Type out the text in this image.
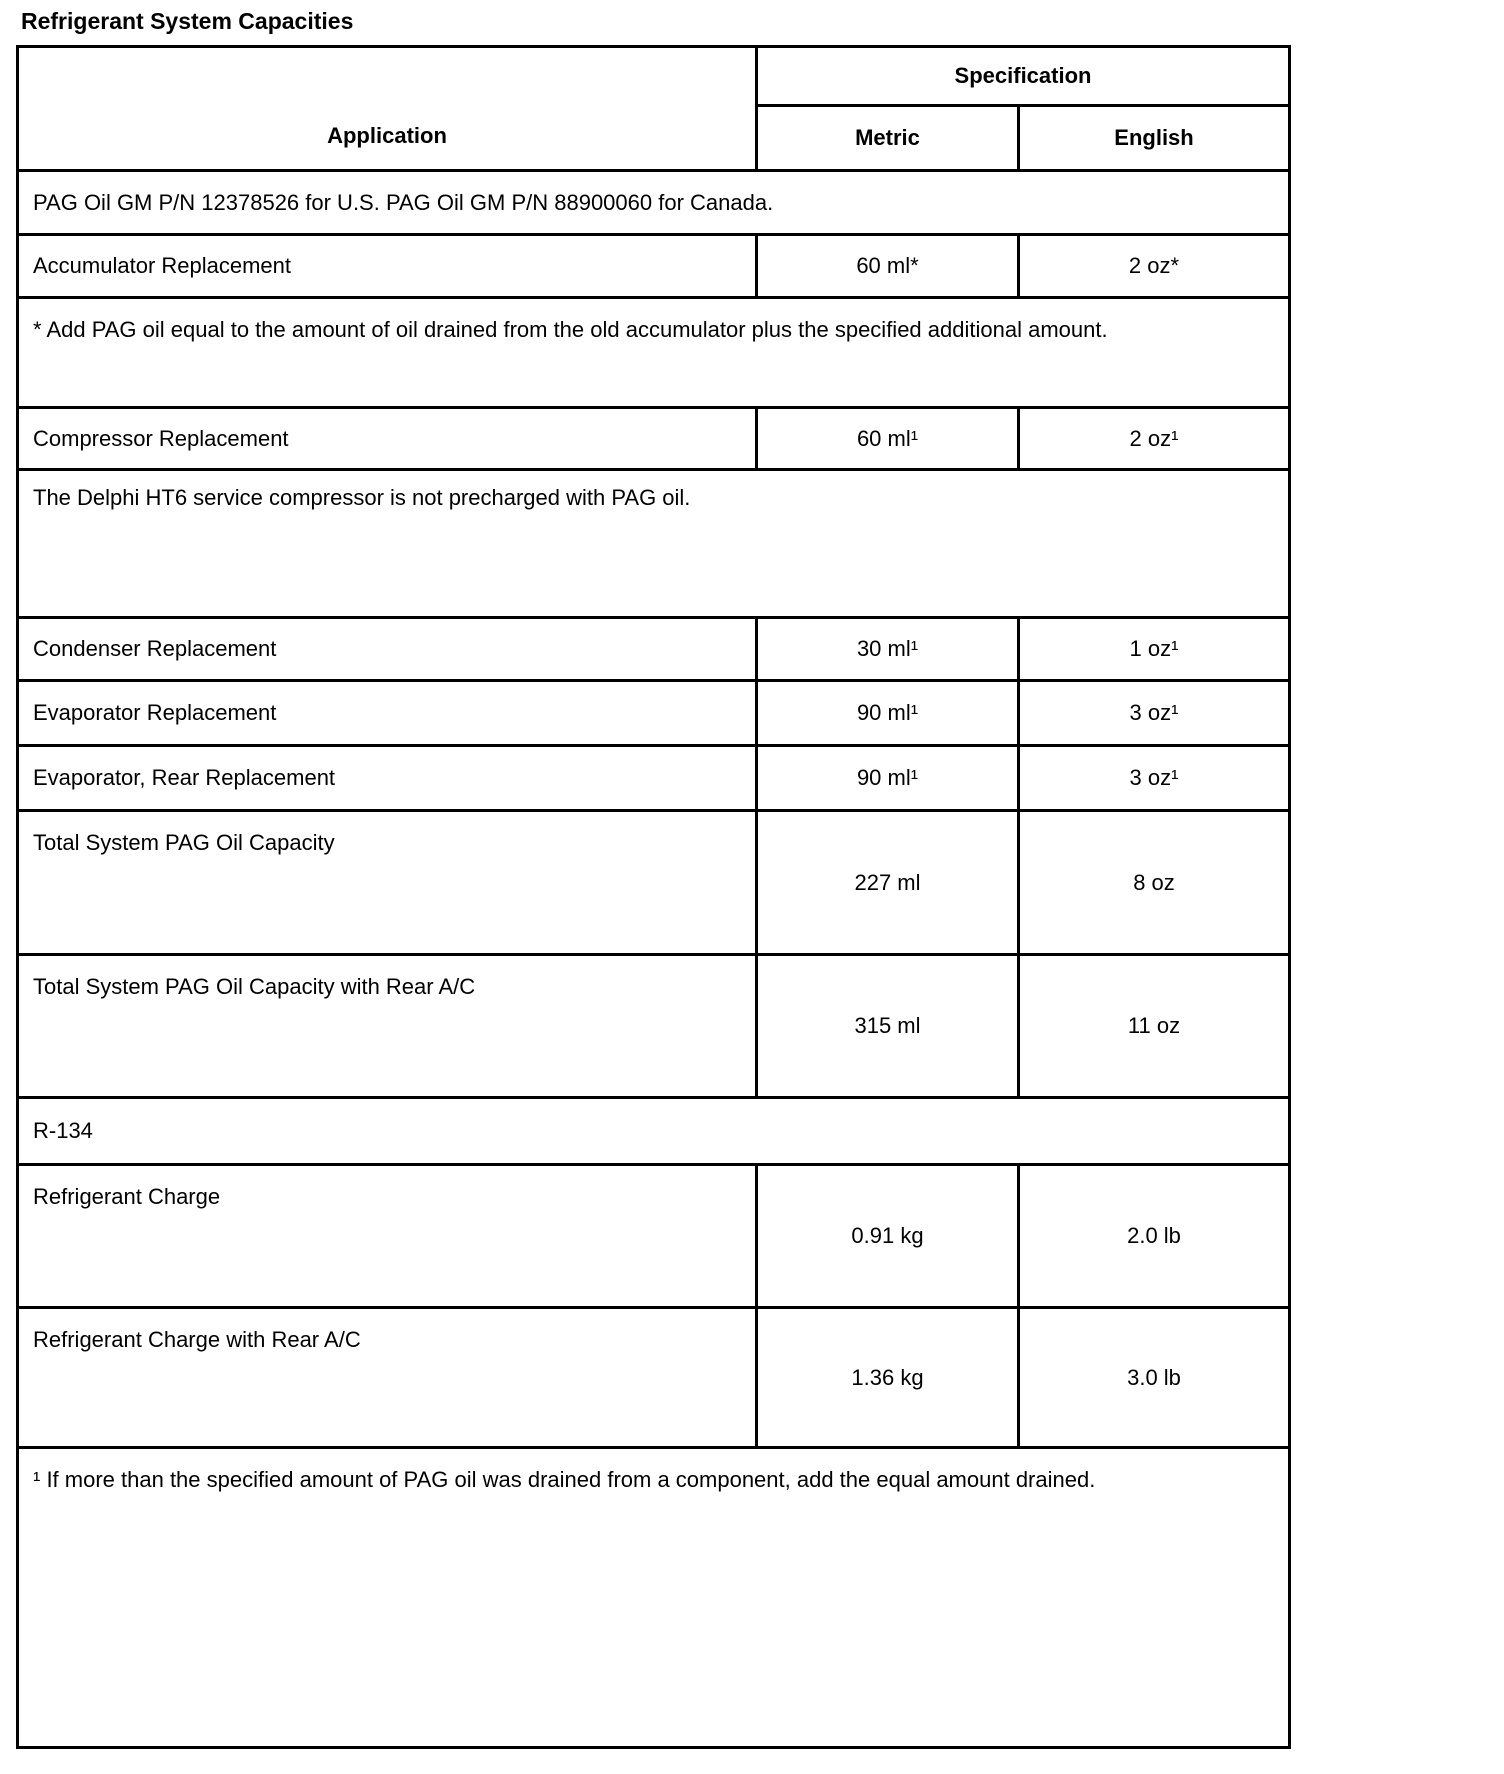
Refrigerant System Capacities
Application	Specification	
	Metric	English
PAG Oil GM P/N 12378526 for U.S. PAG Oil GM P/N 88900060 for Canada.		
Accumulator Replacement	60 ml*	2 oz*
* Add PAG oil equal to the amount of oil drained from the old accumulator plus the specified additional amount.		
Compressor Replacement	60 ml¹	2 oz¹
The Delphi HT6 service compressor is not precharged with PAG oil.		
Condenser Replacement	30 ml¹	1 oz¹
Evaporator Replacement	90 ml¹	3 oz¹
Evaporator, Rear Replacement	90 ml¹	3 oz¹
Total System PAG Oil Capacity	227 ml	8 oz
Total System PAG Oil Capacity with Rear A/C	315 ml	11 oz
R-134		
Refrigerant Charge	0.91 kg	2.0 lb
Refrigerant Charge with Rear A/C	1.36 kg	3.0 lb
¹ If more than the specified amount of PAG oil was drained from a component, add the equal amount drained.		
